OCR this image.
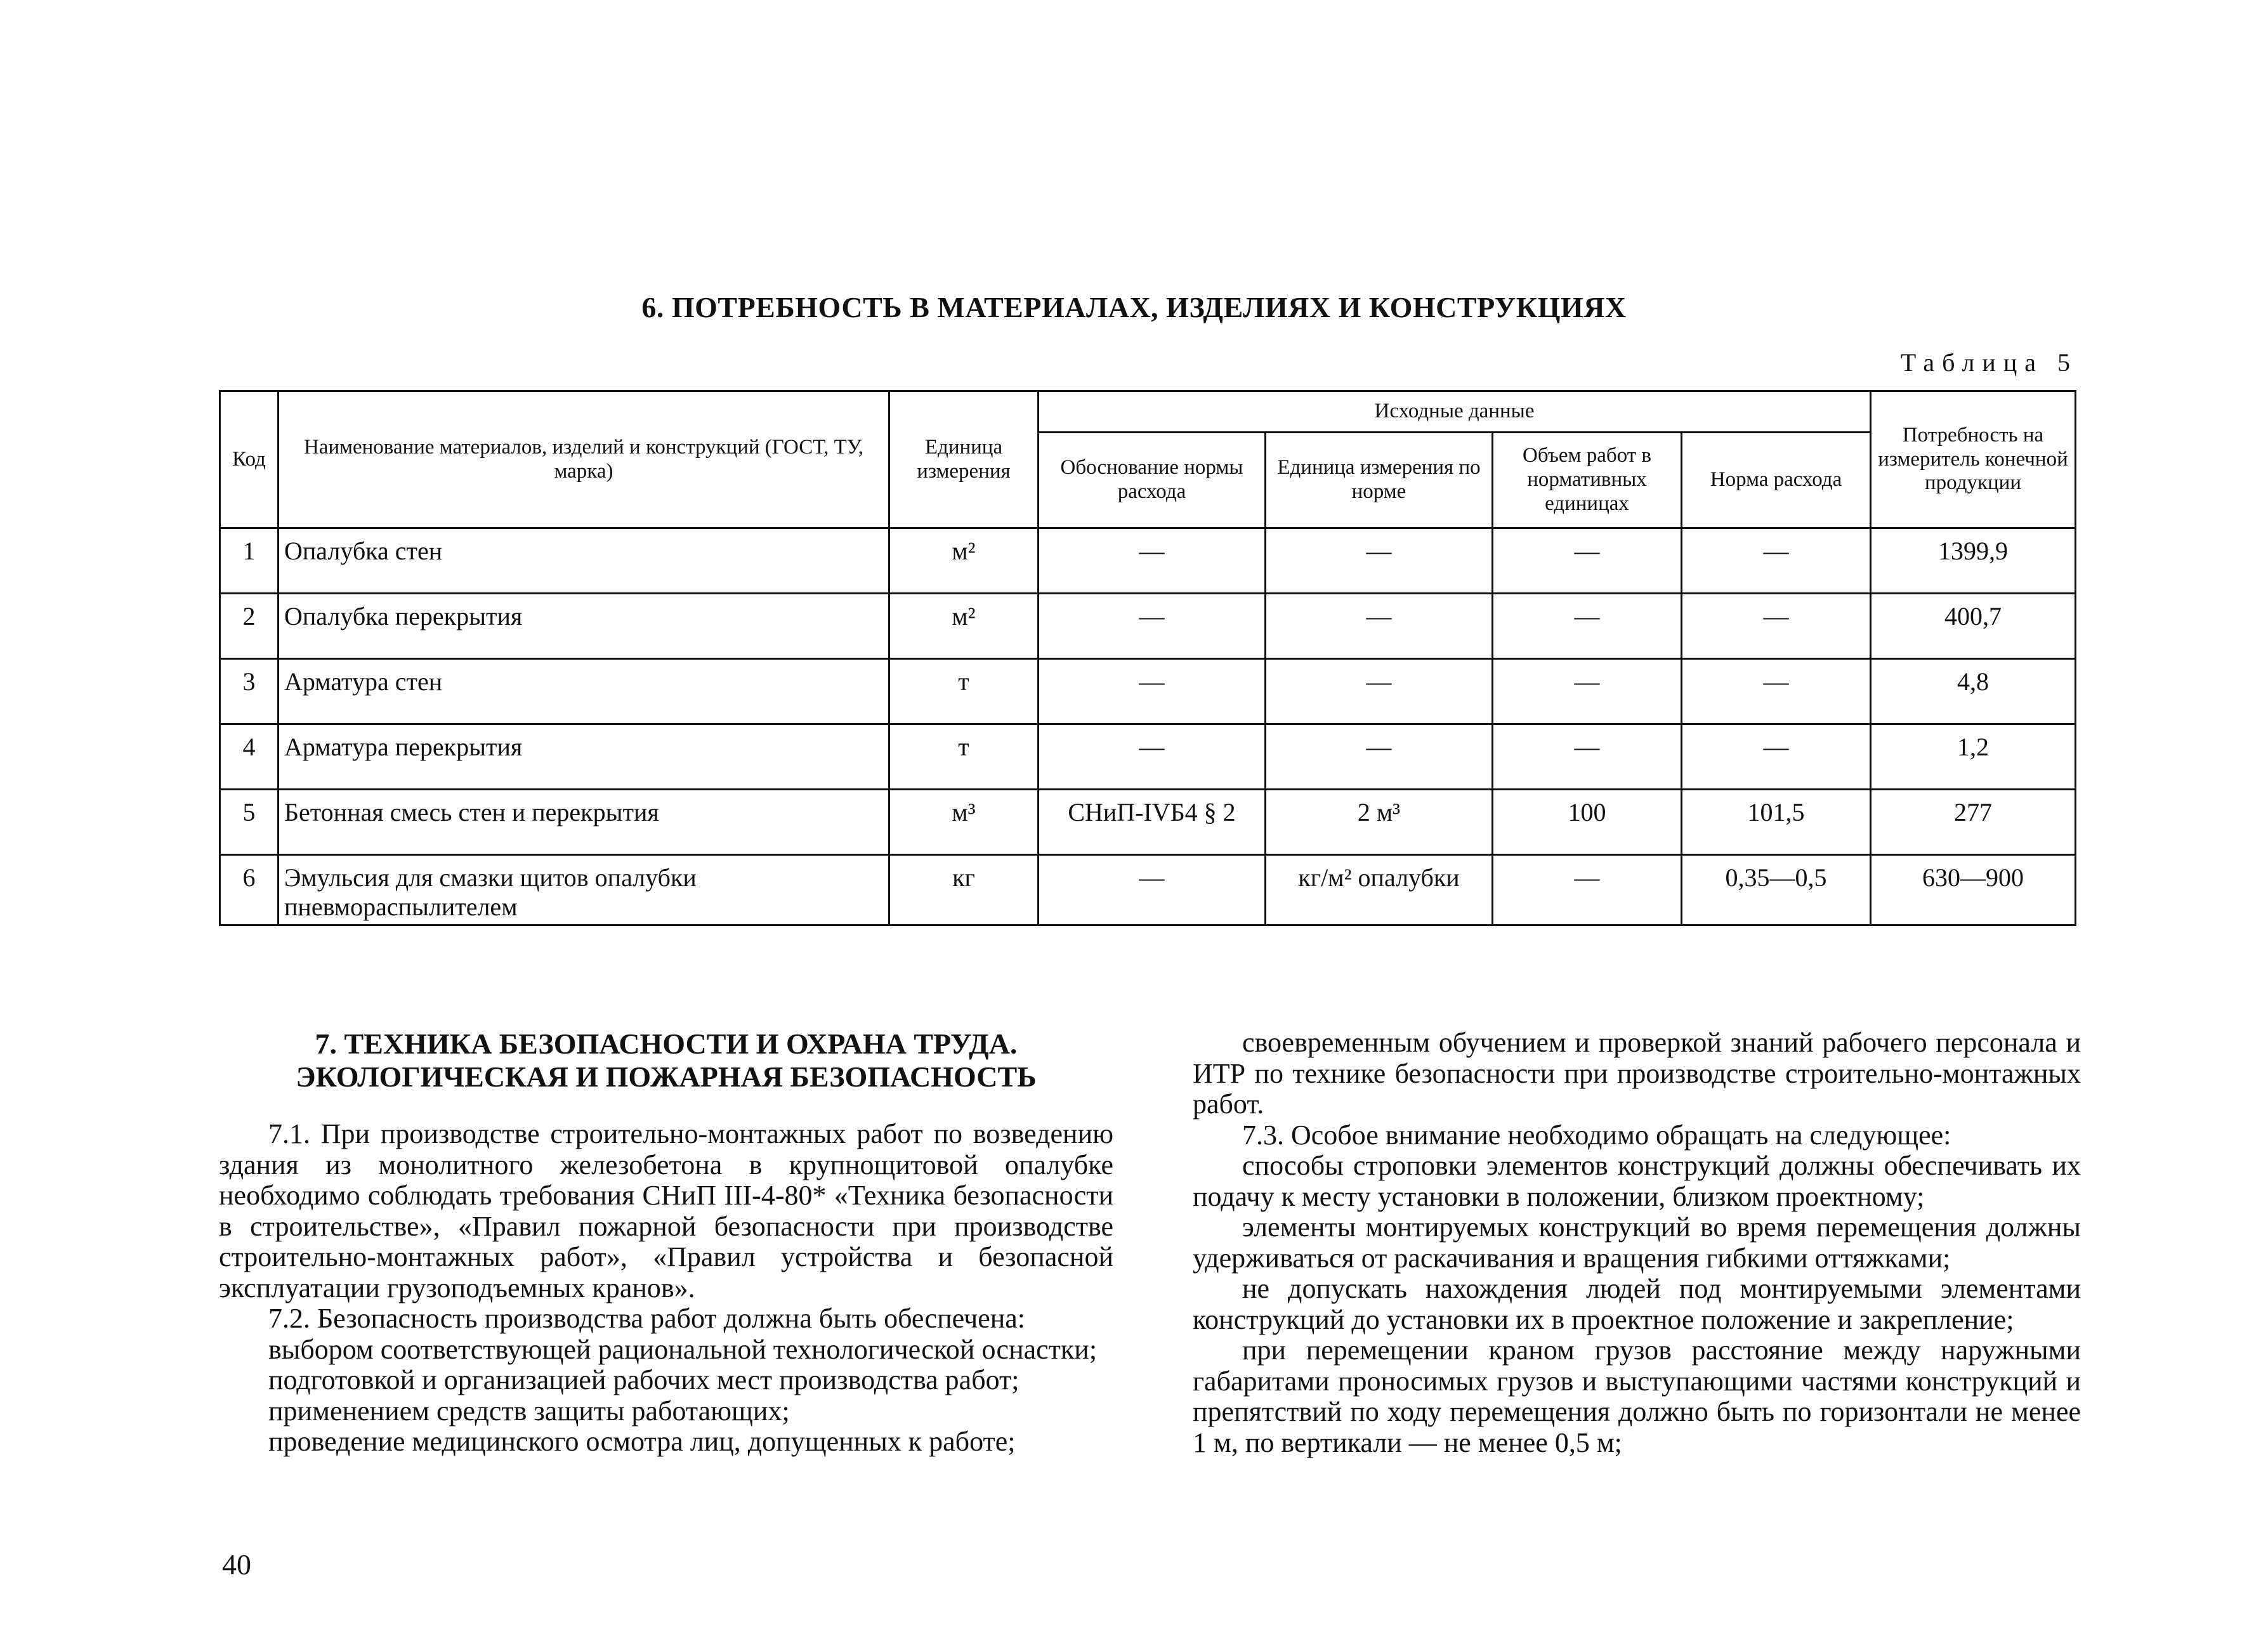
6. ПОТРЕБНОСТЬ В МАТЕРИАЛАХ, ИЗДЕЛИЯХ И КОНСТРУКЦИЯХ
Таблица 5
Код	Наименование материалов, изделий и конструкций (ГОСТ, ТУ, марка)	Единица измерения	Исходные данные				Потребность на измеритель конечной продукции
			Обоснование нормы расхода	Единица измерения по норме	Объем работ в нормативных единицах	Норма расхода	
1	Опалубка стен	м²	—	—	—	—	1399,9
2	Опалубка перекрытия	м²	—	—	—	—	400,7
3	Арматура стен	т	—	—	—	—	4,8
4	Арматура перекрытия	т	—	—	—	—	1,2
5	Бетонная смесь стен и перекрытия	м³	СНиП-IVБ4 § 2	2 м³	100	101,5	277
6	Эмульсия для смазки щитов опалубки пневмораспылителем	кг	—	кг/м² опалубки	—	0,35—0,5	630—900

7. ТЕХНИКА БЕЗОПАСНОСТИ И ОХРАНА ТРУДА.
ЭКОЛОГИЧЕСКАЯ И ПОЖАРНАЯ БЕЗОПАСНОСТЬ

7.1. При производстве строительно-монтажных работ по возведению здания из монолитного железобетона в крупнощитовой опалубке необходимо соблюдать требования СНиП III-4-80* «Техника безопасности в строительстве», «Правил пожарной безопасности при производстве строительно-монтажных работ», «Правил устройства и безопасной эксплуатации грузоподъемных кранов».

7.2. Безопасность производства работ должна быть обеспечена:

выбором соответствующей рациональной технологической оснастки;

подготовкой и организацией рабочих мест производства работ;

применением средств защиты работающих;

проведение медицинского осмотра лиц, допущенных к работе;

своевременным обучением и проверкой знаний рабочего персонала и ИТР по технике безопасности при производстве строительно-монтажных работ.

7.3. Особое внимание необходимо обращать на следующее:

способы строповки элементов конструкций должны обеспечивать их подачу к месту установки в положении, близком проектному;

элементы монтируемых конструкций во время перемещения должны удерживаться от раскачивания и вращения гибкими оттяжками;

не допускать нахождения людей под монтируемыми элементами конструкций до установки их в проектное положение и закрепление;

при перемещении краном грузов расстояние между наружными габаритами проносимых грузов и выступающими частями конструкций и препятствий по ходу перемещения должно быть по горизонтали не менее 1 м, по вертикали — не менее 0,5 м;

40
